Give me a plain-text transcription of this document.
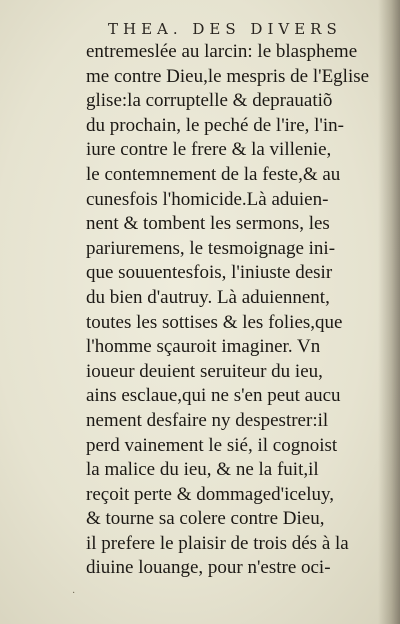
THEA. DES DIVERS
entremeslée au larcin: le blaspheme
me contre Dieu,le mespris de l'Eglise
glise:la corruptelle & deprauatiõ
du prochain, le peché de l'ire, l'in-
iure contre le frere & la villenie,
le contemnement de la feste,& au
cunesfois l'homicide.Là aduien-
nent & tombent les sermons, les
pariuremens, le tesmoignage ini-
que souuentesfois, l'iniuste desir
du bien d'autruy. Là aduiennent,
toutes les sottises & les folies,que
l'homme sçauroit imaginer. Vn
ioueur deuient seruiteur du ieu,
ains esclaue,qui ne s'en peut aucu
nement desfaire ny despestrer:il
perd vainement le sié, il cognoist
la malice du ieu, & ne la fuit,il
reçoit perte & dommaged'iceluy,
& tourne sa colere contre Dieu,
il prefere le plaisir de trois dés à la
diuine louange, pour n'estre oci-
·
